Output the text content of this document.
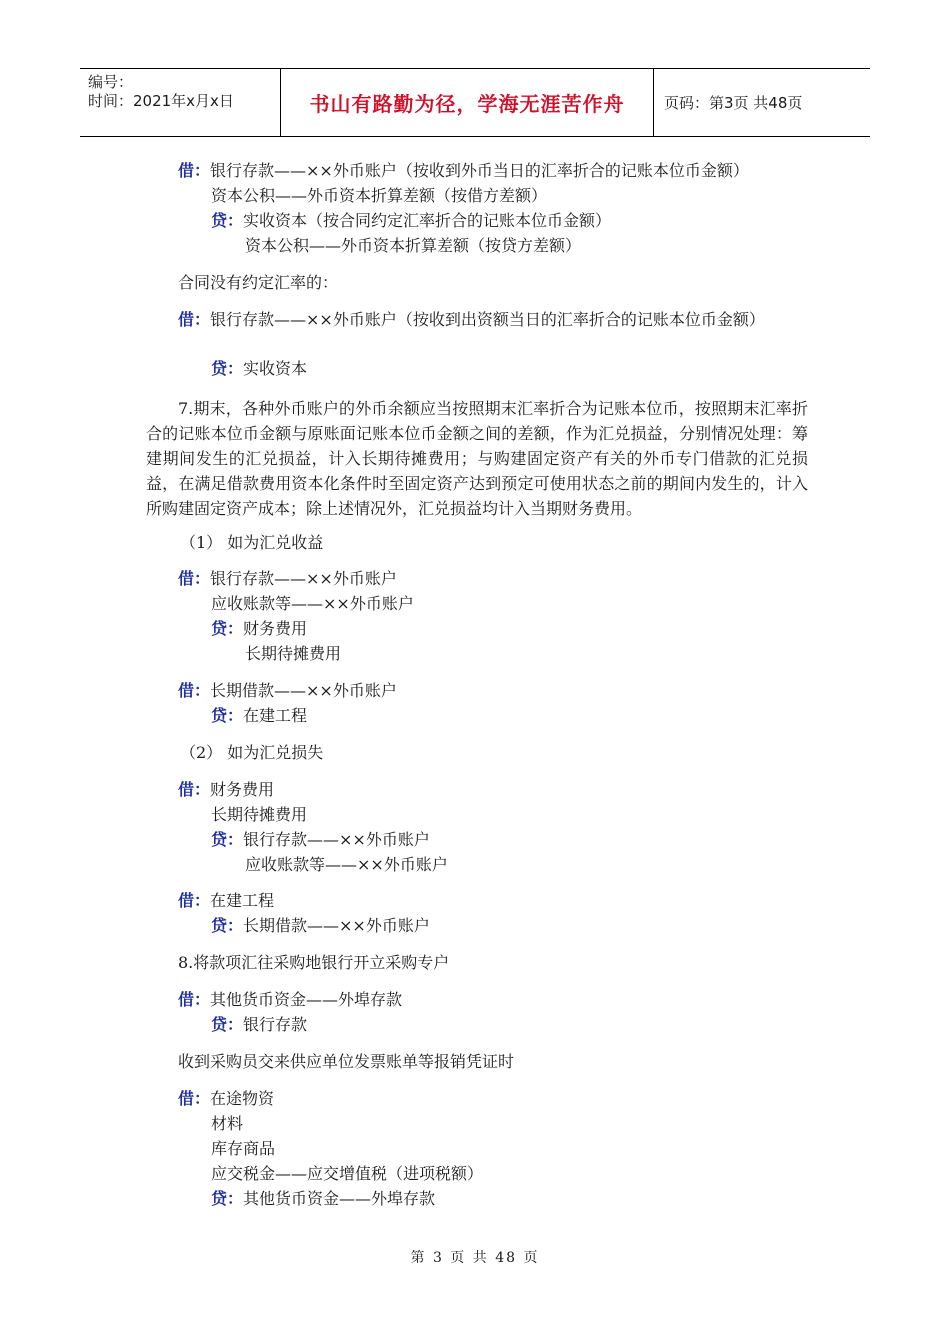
编号：
时间：2021年x月x日	书山有路勤为径，学海无涯苦作舟	页码：第3页 共48页
借：银行存款——××外币账户（按收到外币当日的汇率折合的记账本位币金额）
资本公积——外币资本折算差额（按借方差额）
贷：实收资本（按合同约定汇率折合的记账本位币金额）
资本公积——外币资本折算差额（按贷方差额）
合同没有约定汇率的：
借：银行存款——××外币账户（按收到出资额当日的汇率折合的记账本位币金额）
贷：实收资本
7.期末，各种外币账户的外币余额应当按照期末汇率折合为记账本位币，按照期末汇率折合的记账本位币金额与原账面记账本位币金额之间的差额，作为汇兑损益，分别情况处理：筹建期间发生的汇兑损益，计入长期待摊费用；与购建固定资产有关的外币专门借款的汇兑损益，在满足借款费用资本化条件时至固定资产达到预定可使用状态之前的期间内发生的，计入所购建固定资产成本；除上述情况外，汇兑损益均计入当期财务费用。
（1） 如为汇兑收益
借：银行存款——××外币账户
应收账款等——××外币账户
贷：财务费用
长期待摊费用
借：长期借款——××外币账户
贷：在建工程
（2） 如为汇兑损失
借：财务费用
长期待摊费用
贷：银行存款——××外币账户
应收账款等——××外币账户
借：在建工程
贷：长期借款——××外币账户
8.将款项汇往采购地银行开立采购专户
借：其他货币资金——外埠存款
贷：银行存款
收到采购员交来供应单位发票账单等报销凭证时
借：在途物资
材料
库存商品
应交税金——应交增值税（进项税额）
贷：其他货币资金——外埠存款
第 3 页 共 48 页
